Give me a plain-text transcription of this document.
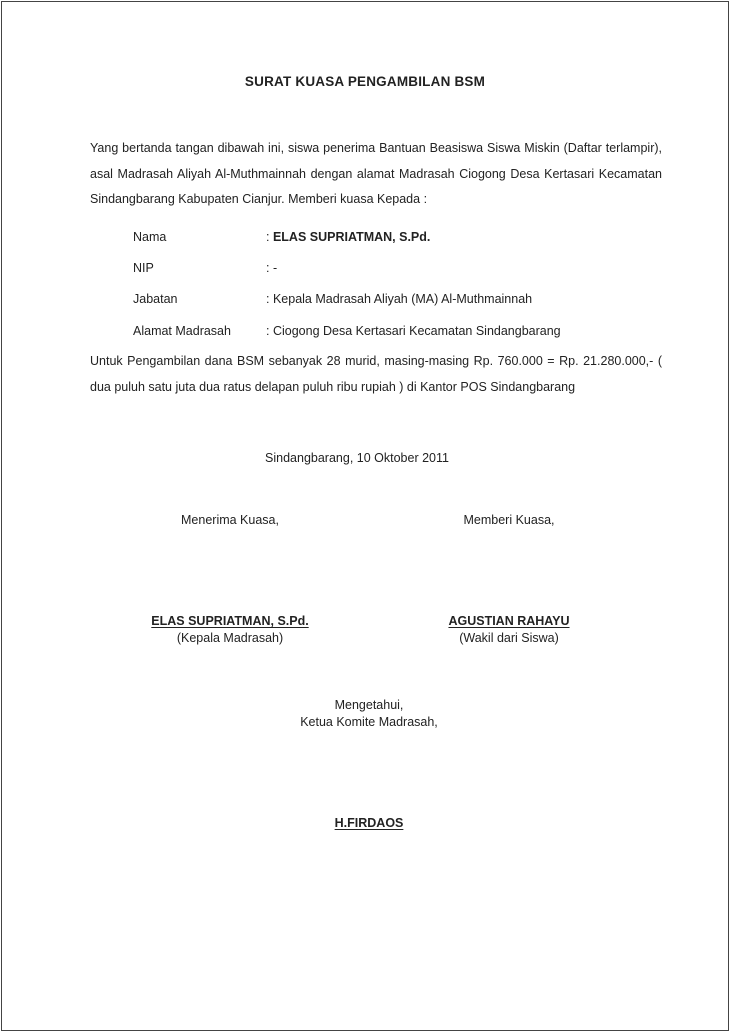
SURAT KUASA PENGAMBILAN BSM
Yang bertanda tangan dibawah ini, siswa penerima Bantuan Beasiswa Siswa Miskin (Daftar terlampir), asal Madrasah Aliyah Al-Muthmainnah dengan alamat Madrasah Ciogong Desa Kertasari Kecamatan Sindangbarang Kabupaten Cianjur. Memberi kuasa Kepada :
Nama	: ELAS SUPRIATMAN, S.Pd.
NIP	: -
Jabatan	: Kepala Madrasah Aliyah (MA) Al-Muthmainnah
Alamat Madrasah	: Ciogong Desa Kertasari Kecamatan Sindangbarang
Untuk Pengambilan dana BSM sebanyak 28 murid, masing-masing Rp. 760.000 = Rp. 21.280.000,- ( dua puluh satu juta dua ratus delapan puluh ribu rupiah ) di Kantor POS Sindangbarang
Sindangbarang, 10 Oktober 2011
Menerima Kuasa,	Memberi Kuasa,
ELAS SUPRIATMAN, S.Pd.
(Kepala Madrasah)
AGUSTIAN RAHAYU
(Wakil dari Siswa)
Mengetahui,
Ketua Komite Madrasah,
H.FIRDAOS
